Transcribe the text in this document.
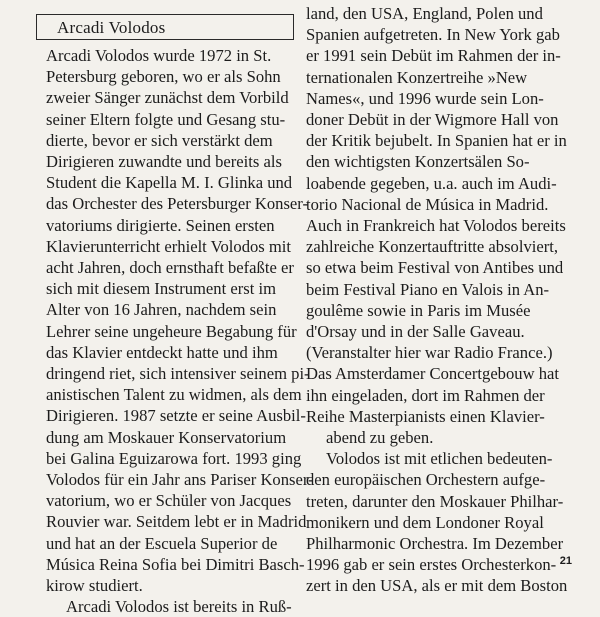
Arcadi Volodos
Arcadi Volodos wurde 1972 in St.
Petersburg geboren, wo er als Sohn
zweier Sänger zunächst dem Vorbild
seiner Eltern folgte und Gesang stu-
dierte, bevor er sich verstärkt dem
Dirigieren zuwandte und bereits als
Student die Kapella M. I. Glinka und
das Orchester des Petersburger Konser-
vatoriums dirigierte. Seinen ersten
Klavierunterricht erhielt Volodos mit
acht Jahren, doch ernsthaft befaßte er
sich mit diesem Instrument erst im
Alter von 16 Jahren, nachdem sein
Lehrer seine ungeheure Begabung für
das Klavier entdeckt hatte und ihm
dringend riet, sich intensiver seinem pi-
anistischen Talent zu widmen, als dem
Dirigieren. 1987 setzte er seine Ausbil-
dung am Moskauer Konservatorium
bei Galina Eguizarowa fort. 1993 ging
Volodos für ein Jahr ans Pariser Konser-
vatorium, wo er Schüler von Jacques
Rouvier war. Seitdem lebt er in Madrid
und hat an der Escuela Superior de
Música Reina Sofia bei Dimitri Basch-
kirow studiert.
Arcadi Volodos ist bereits in Ruß-
land, den USA, England, Polen und
Spanien aufgetreten. In New York gab
er 1991 sein Debüt im Rahmen der in-
ternationalen Konzertreihe »New
Names«, und 1996 wurde sein Lon-
doner Debüt in der Wigmore Hall von
der Kritik bejubelt. In Spanien hat er in
den wichtigsten Konzertsälen So-
loabende gegeben, u.a. auch im Audi-
torio Nacional de Música in Madrid.
Auch in Frankreich hat Volodos bereits
zahlreiche Konzertauftritte absolviert,
so etwa beim Festival von Antibes und
beim Festival Piano en Valois in An-
goulême sowie in Paris im Musée
d'Orsay und in der Salle Gaveau.
(Veranstalter hier war Radio France.)
Das Amsterdamer Concertgebouw hat
ihn eingeladen, dort im Rahmen der
Reihe Masterpianists einen Klavier-
abend zu geben.
Volodos ist mit etlichen bedeuten-
den europäischen Orchestern aufge-
treten, darunter den Moskauer Philhar-
monikern und dem Londoner Royal
Philharmonic Orchestra. Im Dezember
1996 gab er sein erstes Orchesterkon-
zert in den USA, als er mit dem Boston
21
